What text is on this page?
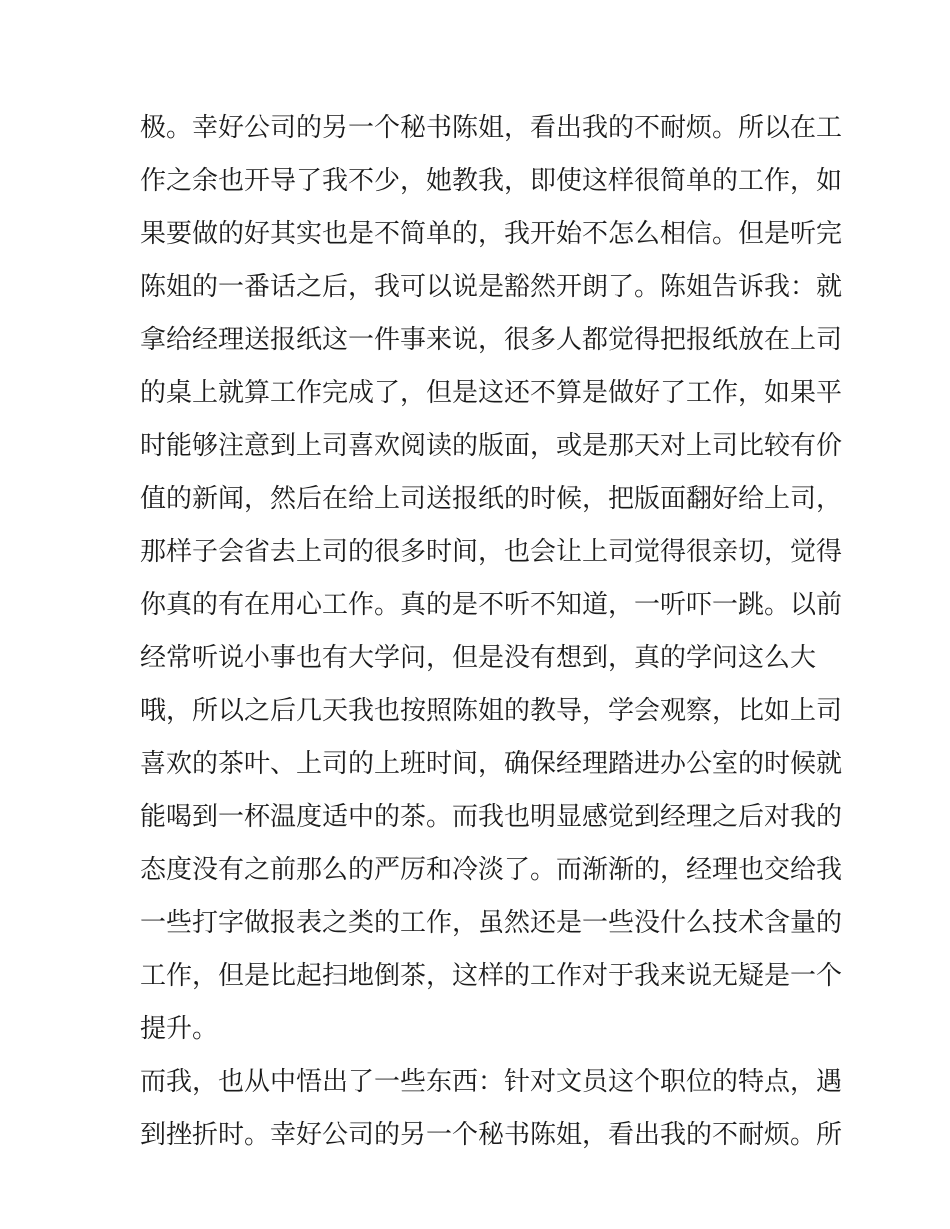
极。幸好公司的另一个秘书陈姐，看出我的不耐烦。所以在工

作之余也开导了我不少，她教我，即使这样很简单的工作，如

果要做的好其实也是不简单的，我开始不怎么相信。但是听完

陈姐的一番话之后，我可以说是豁然开朗了。陈姐告诉我：就

拿给经理送报纸这一件事来说，很多人都觉得把报纸放在上司

的桌上就算工作完成了，但是这还不算是做好了工作，如果平

时能够注意到上司喜欢阅读的版面，或是那天对上司比较有价

值的新闻，然后在给上司送报纸的时候，把版面翻好给上司，

那样子会省去上司的很多时间，也会让上司觉得很亲切，觉得

你真的有在用心工作。真的是不听不知道，一听吓一跳。以前

经常听说小事也有大学问，但是没有想到，真的学问这么大

哦，所以之后几天我也按照陈姐的教导，学会观察，比如上司

喜欢的茶叶、上司的上班时间，确保经理踏进办公室的时候就

能喝到一杯温度适中的茶。而我也明显感觉到经理之后对我的

态度没有之前那么的严厉和冷淡了。而渐渐的，经理也交给我

一些打字做报表之类的工作，虽然还是一些没什么技术含量的

工作，但是比起扫地倒茶，这样的工作对于我来说无疑是一个

提升。

而我，也从中悟出了一些东西：针对文员这个职位的特点，遇

到挫折时。幸好公司的另一个秘书陈姐，看出我的不耐烦。所
